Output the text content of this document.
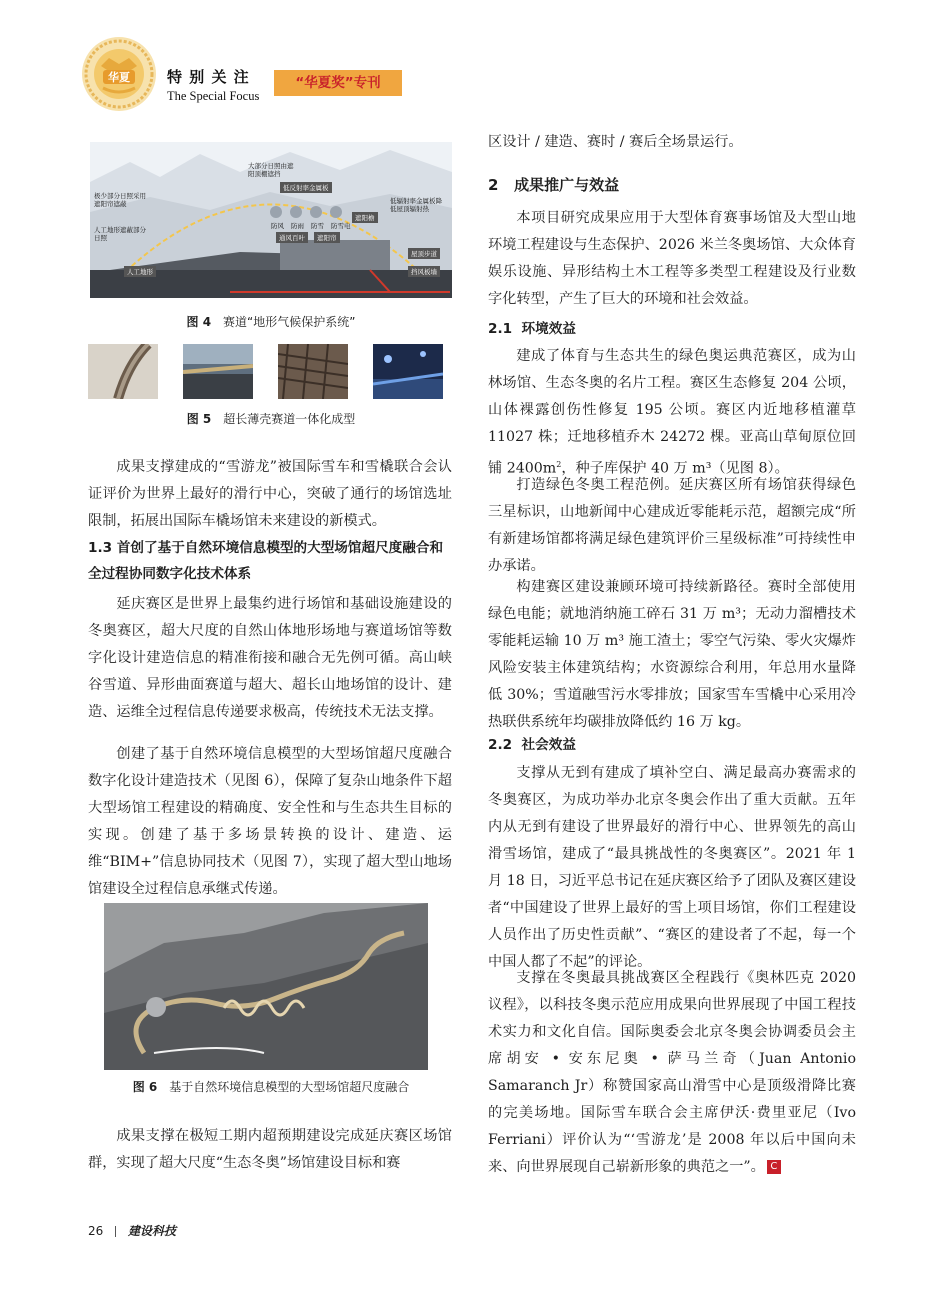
华夏 特 别 关 注
The Special Focus
“华夏奖”专刊
大部分日照由遮阳顶棚遮挡
极少部分日照采用遮阳帘遮蔽
人工地形遮蔽部分日照
低辐射率金属板降低屋顶辐射热
低反射率金属板
防风	防雨	防雪	防雪电
通风百叶	遮阳帘
遮阳檐
屋顶步道
挡风板墙
人工地形
图 4 赛道“地形气候保护系统”
图 5 超长薄壳赛道一体化成型

成果支撑建成的“雪游龙”被国际雪车和雪橇联合会认证评价为世界上最好的滑行中心，突破了通行的场馆选址限制，拓展出国际车橇场馆未来建设的新模式。

1.3 首创了基于自然环境信息模型的大型场馆超尺度融合和全过程协同数字化技术体系

延庆赛区是世界上最集约进行场馆和基础设施建设的冬奥赛区，超大尺度的自然山体地形场地与赛道场馆等数字化设计建造信息的精准衔接和融合无先例可循。高山峡谷雪道、异形曲面赛道与超大、超长山地场馆的设计、建造、运维全过程信息传递要求极高，传统技术无法支撑。

创建了基于自然环境信息模型的大型场馆超尺度融合数字化设计建造技术（见图 6），保障了复杂山地条件下超大型场馆工程建设的精确度、安全性和与生态共生目标的实现。创建了基于多场景转换的设计、建造、运维“BIM+”信息协同技术（见图 7），实现了超大型山地场馆建设全过程信息承继式传递。

图 6 基于自然环境信息模型的大型场馆超尺度融合

成果支撑在极短工期内超预期建设完成延庆赛区场馆群，实现了超大尺度“生态冬奥”场馆建设目标和赛

区设计 / 建造、赛时 / 赛后全场景运行。

2   成果推广与效益

本项目研究成果应用于大型体育赛事场馆及大型山地环境工程建设与生态保护、2026 米兰冬奥场馆、大众体育娱乐设施、异形结构土木工程等多类型工程建设及行业数字化转型，产生了巨大的环境和社会效益。

2.1  环境效益

建成了体育与生态共生的绿色奥运典范赛区，成为山林场馆、生态冬奥的名片工程。赛区生态修复 204 公顷，山体裸露创伤性修复 195 公顷。赛区内近地移植灌草 11027 株；迁地移植乔木 24272 棵。亚高山草甸原位回铺 $2400m^2$，种子库保护 40 万 m³（见图 8）。

打造绿色冬奥工程范例。延庆赛区所有场馆获得绿色三星标识，山地新闻中心建成近零能耗示范，超额完成“所有新建场馆都将满足绿色建筑评价三星级标准”可持续性申办承诺。

构建赛区建设兼顾环境可持续新路径。赛时全部使用绿色电能；就地消纳施工碎石 31 万 m³；无动力溜槽技术零能耗运输 10 万 m³ 施工渣土；零空气污染、零火灾爆炸风险安装主体建筑结构；水资源综合利用，年总用水量降低 30%；雪道融雪污水零排放；国家雪车雪橇中心采用冷热联供系统年均碳排放降低约 16 万 kg。

2.2  社会效益

支撑从无到有建成了填补空白、满足最高办赛需求的冬奥赛区，为成功举办北京冬奥会作出了重大贡献。五年内从无到有建设了世界最好的滑行中心、世界领先的高山滑雪场馆，建成了“最具挑战性的冬奥赛区”。2021 年 1 月 18 日，习近平总书记在延庆赛区给予了团队及赛区建设者“中国建设了世界上最好的雪上项目场馆，你们工程建设人员作出了历史性贡献”、“赛区的建设者了不起，每一个中国人都了不起”的评论。

支撑在冬奥最具挑战赛区全程践行《奥林匹克 2020 议程》，以科技冬奥示范应用成果向世界展现了中国工程技术实力和文化自信。国际奥委会北京冬奥会协调委员会主席胡安 • 安东尼奥 • 萨马兰奇（Juan Antonio Samaranch Jr）称赞国家高山滑雪中心是顶级滑降比赛的完美场地。国际雪车联合会主席伊沃·费里亚尼（Ivo Ferriani）评价认为“‘雪游龙’是 2008 年以后中国向未来、向世界展现自己崭新形象的典范之一”。 C

26 建设科技
